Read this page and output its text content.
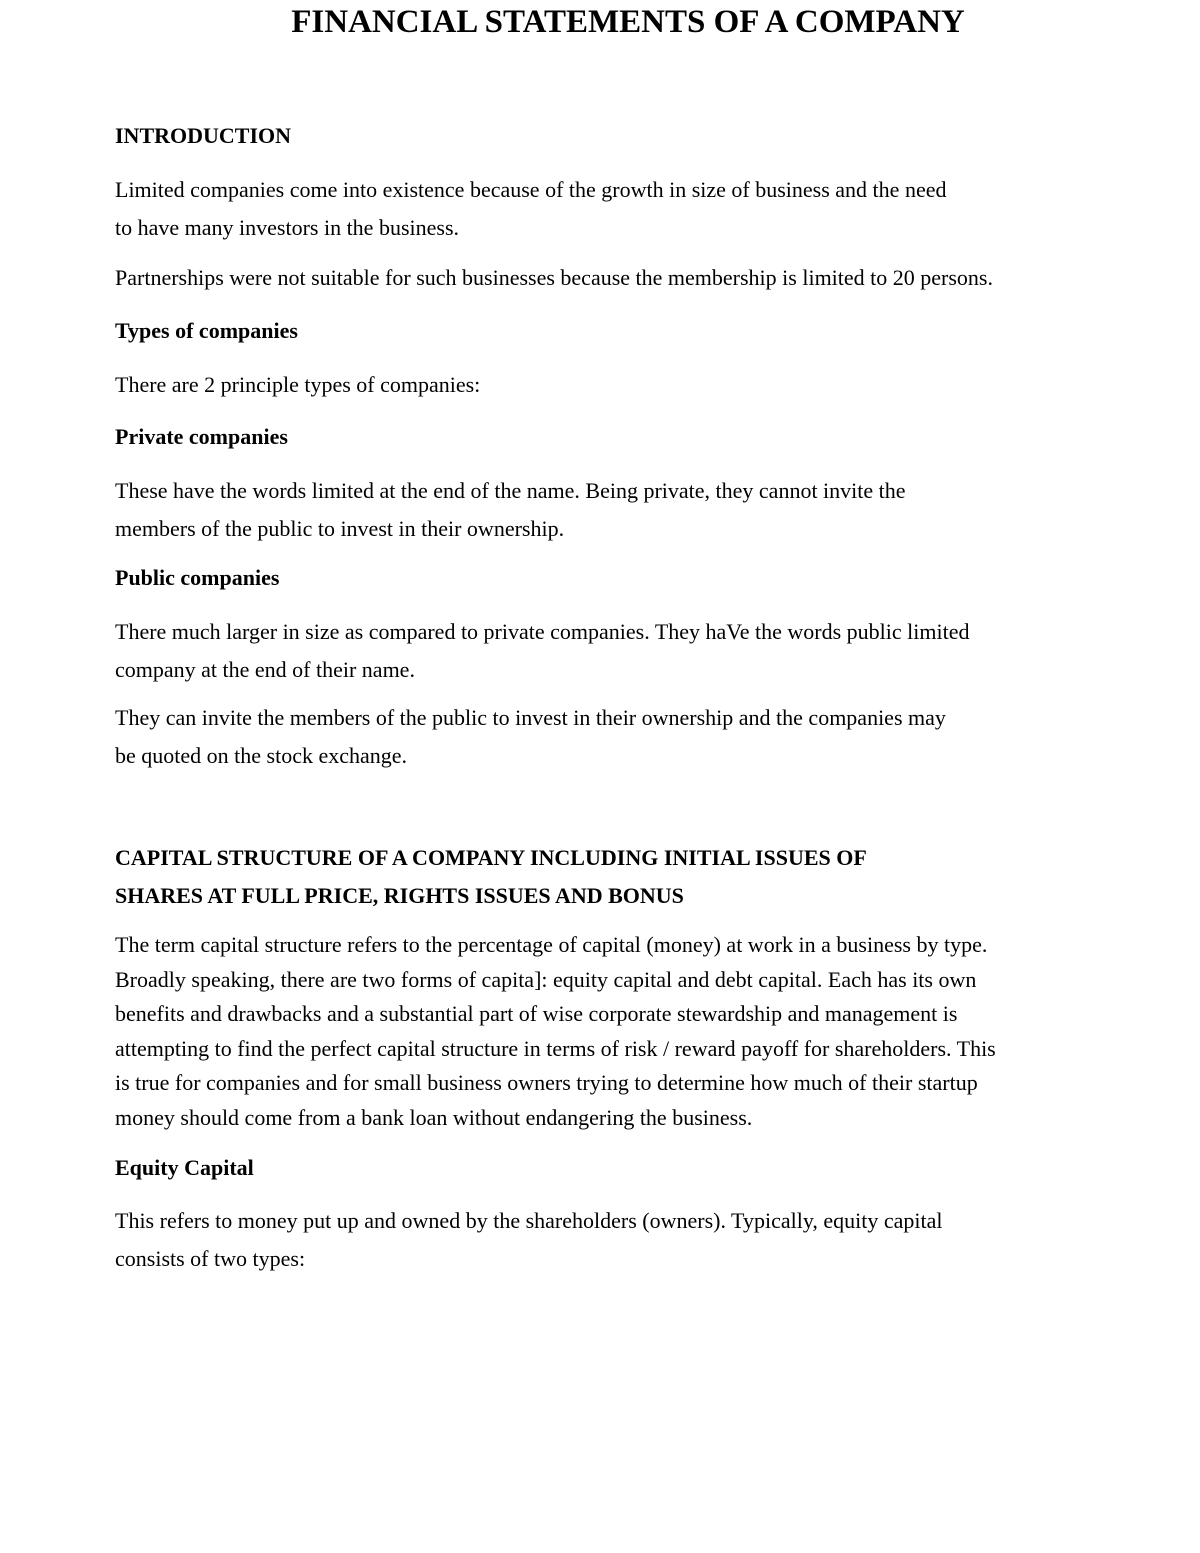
FINANCIAL STATEMENTS OF A COMPANY
INTRODUCTION

Limited companies come into existence because of the growth in size of business and the need
to have many investors in the business.

Partnerships were not suitable for such businesses because the membership is limited to 20 persons.

Types of companies

There are 2 principle types of companies:

Private companies

These have the words limited at the end of the name. Being private, they cannot invite the
members of the public to invest in their ownership.

Public companies

There much larger in size as compared to private companies. They haVe the words public limited
company at the end of their name.

They can invite the members of the public to invest in their ownership and the companies may
be quoted on the stock exchange.

CAPITAL STRUCTURE OF A COMPANY INCLUDING INITIAL ISSUES OF
SHARES AT FULL PRICE, RIGHTS ISSUES AND BONUS

The term capital structure refers to the percentage of capital (money) at work in a business by type.
Broadly speaking, there are two forms of capita]: equity capital and debt capital. Each has its own
benefits and drawbacks and a substantial part of wise corporate stewardship and management is
attempting to find the perfect capital structure in terms of risk / reward payoff for shareholders. This
is true for companies and for small business owners trying to determine how much of their startup
money should come from a bank loan without endangering the business.

Equity Capital

This refers to money put up and owned by the shareholders (owners). Typically, equity capital
consists of two types:
